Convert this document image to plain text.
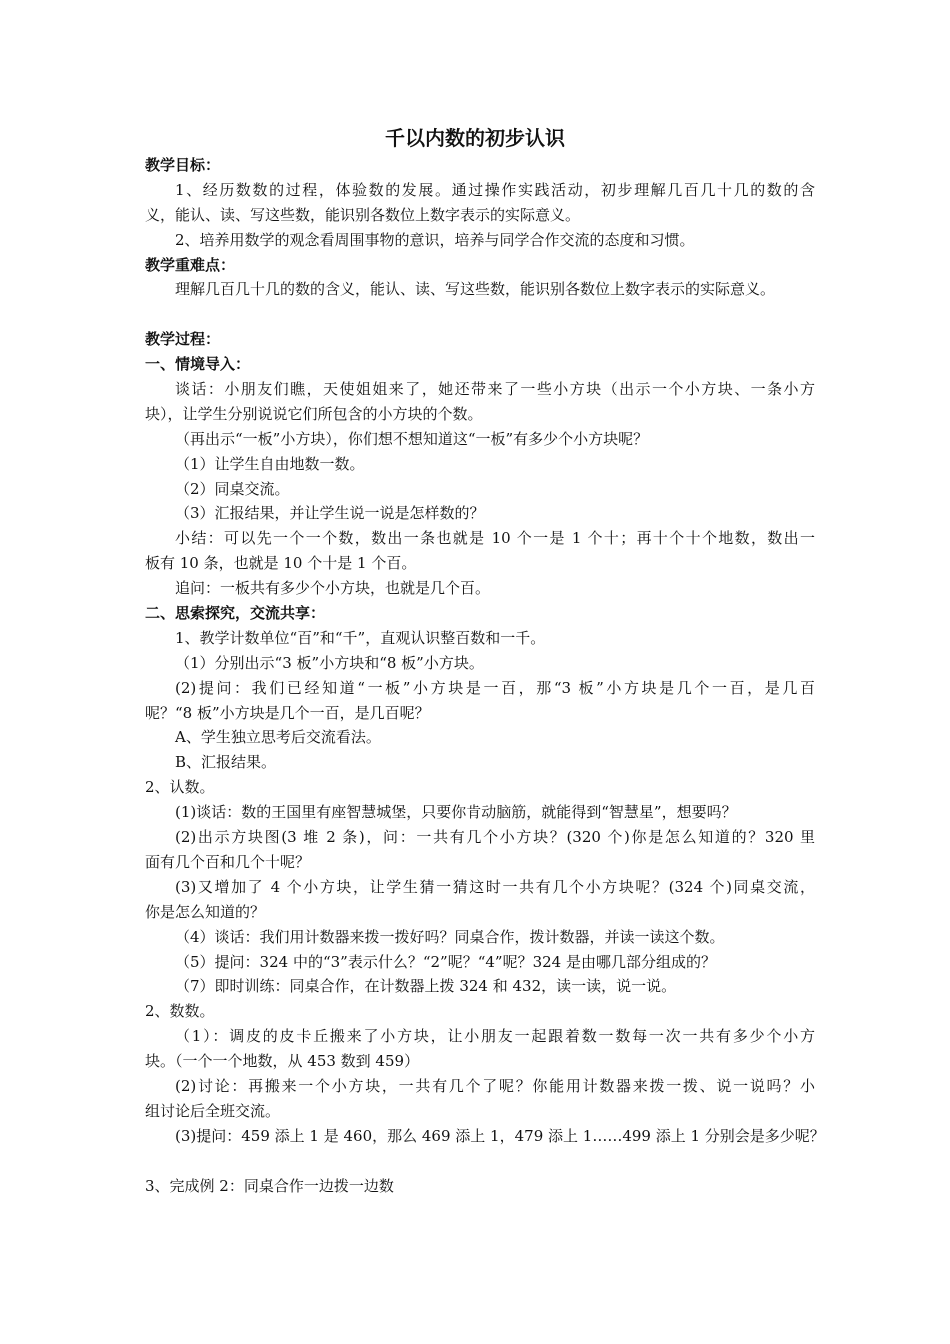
千以内数的初步认识
教学目标：
1、经历数数的过程，体验数的发展。通过操作实践活动，初步理解几百几十几的数的含
义，能认、读、写这些数，能识别各数位上数字表示的实际意义。
2、培养用数学的观念看周围事物的意识，培养与同学合作交流的态度和习惯。
教学重难点：
理解几百几十几的数的含义，能认、读、写这些数，能识别各数位上数字表示的实际意义。
教学过程：
一、情境导入：
谈话：小朋友们瞧，天使姐姐来了，她还带来了一些小方块（出示一个小方块、一条小方
块），让学生分别说说它们所包含的小方块的个数。
（再出示“一板”小方块），你们想不想知道这“一板”有多少个小方块呢？
（1）让学生自由地数一数。
（2）同桌交流。
（3）汇报结果，并让学生说一说是怎样数的？
小结：可以先一个一个数，数出一条也就是 10 个一是 1 个十；再十个十个地数，数出一
板有 10 条，也就是 10 个十是 1 个百。
追问：一板共有多少个小方块，也就是几个百。
二、思索探究，交流共享：
1、教学计数单位“百”和“千”，直观认识整百数和一千。
（1）分别出示“3 板”小方块和“8 板”小方块。
(2)提问：我们已经知道“一板”小方块是一百，那“3 板”小方块是几个一百，是几百
呢？“8 板”小方块是几个一百，是几百呢？
A、学生独立思考后交流看法。
B、汇报结果。
2、认数。
(1)谈话：数的王国里有座智慧城堡，只要你肯动脑筋，就能得到“智慧星”，想要吗？
(2)出示方块图(3 堆 2 条)，问：一共有几个小方块？(320 个)你是怎么知道的？320 里
面有几个百和几个十呢？
(3)又增加了 4 个小方块，让学生猜一猜这时一共有几个小方块呢？(324 个)同桌交流，
你是怎么知道的？
（4）谈话：我们用计数器来拨一拨好吗？同桌合作，拨计数器，并读一读这个数。
（5）提问：324 中的“3”表示什么？“2”呢？“4”呢？324 是由哪几部分组成的？
（7）即时训练：同桌合作，在计数器上拨 324 和 432，读一读，说一说。
2、数数。
（1）：调皮的皮卡丘搬来了小方块，让小朋友一起跟着数一数每一次一共有多少个小方
块。（一个一个地数，从 453 数到 459）
(2)讨论：再搬来一个小方块，一共有几个了呢？你能用计数器来拨一拨、说一说吗？小
组讨论后全班交流。
(3)提问：459 添上 1 是 460，那么 469 添上 1，479 添上 1……499 添上 1 分别会是多少呢？
3、完成例 2：同桌合作一边拨一边数
